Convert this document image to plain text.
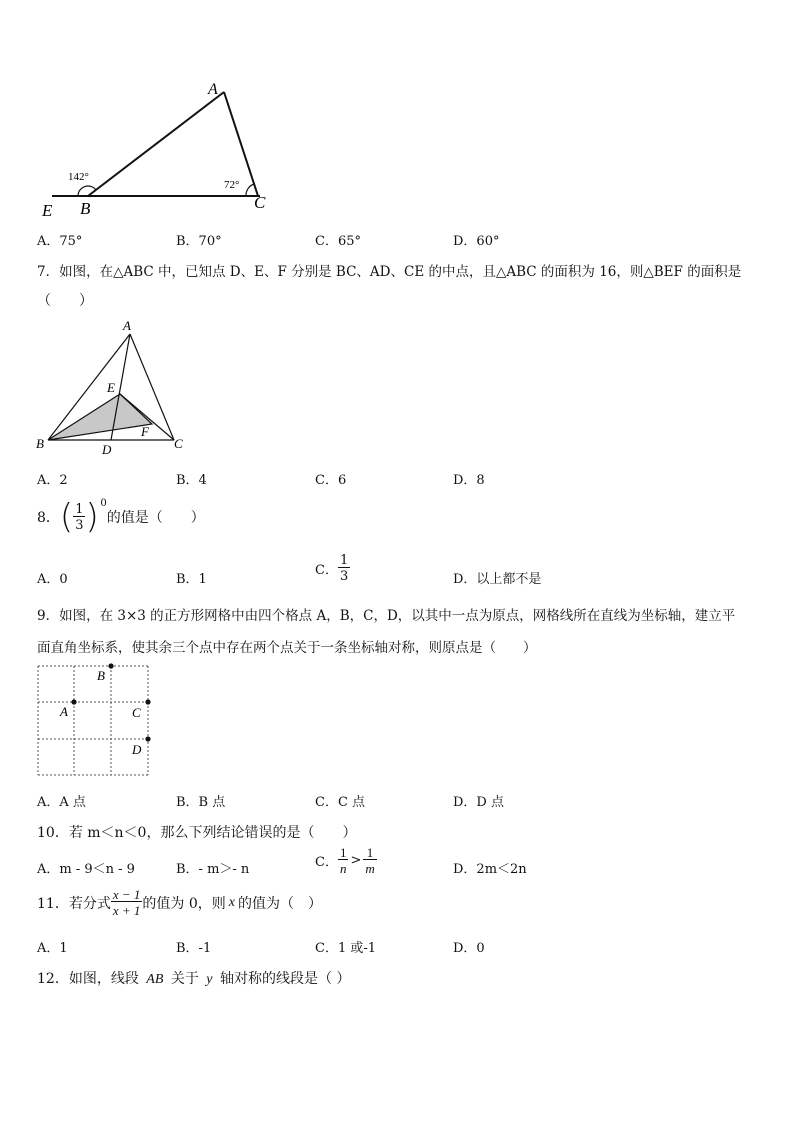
A
E B	C
142°
72°
A．75°	B．70°	C．65°	D．60°
7．如图，在△ABC 中，已知点 D、E、F 分别是 BC、AD、CE 的中点，且△ABC 的面积为 16，则△BEF 的面积是
（　　）
A
B	C
D
E
F
A．2	B．4	C．6	D．8
8． ( $\frac{1}{3}$ ) 0
的值是（　　）
A．0	B．1
C． $\frac{1}{3}$	D．以上都不是
9．如图，在 3×3 的正方形网格中由四个格点 A，B，C，D，以其中一点为原点，网格线所在直线为坐标轴，建立平
面直角坐标系，使其余三个点中存在两个点关于一条坐标轴对称，则原点是（　　）
B
A	C
D
A．A 点	B．B 点	C．C 点	D．D 点
10．若 m＜n＜0，那么下列结论错误的是（　　）
A．m - 9＜n - 9	B．- m＞- n	C． $\frac{1}{n} > \frac{1}{m}$	D．2m＜2n
11．若分式 $\frac{x - 1}{x + 1}$ 的值为 0，则 x 的值为（　）
A．1	B．-1	C．1 或-1	D．0
12．如图，线段 AB 关于 y 轴对称的线段是（ ）
